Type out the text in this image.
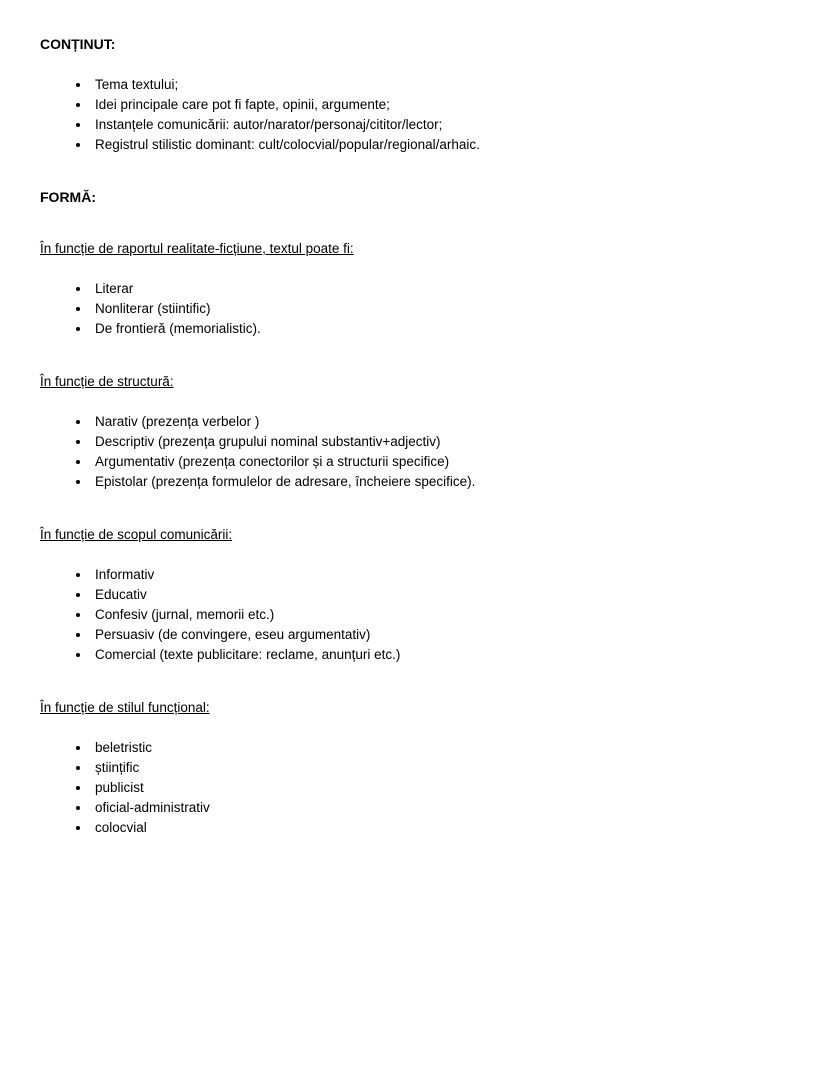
CONȚINUT:
• Tema textului;
• Idei principale care pot fi fapte, opinii, argumente;
• Instanțele comunicării: autor/narator/personaj/cititor/lector;
• Registrul stilistic dominant: cult/colocvial/popular/regional/arhaic.
FORMĂ:
În funcție de raportul realitate-ficțiune, textul poate fi:
• Literar
• Nonliterar (stiintific)
• De frontieră (memorialistic).
În funcție de structură:
• Narativ (prezența verbelor )
• Descriptiv (prezența grupului nominal substantiv+adjectiv)
• Argumentativ (prezența conectorilor și a structurii specifice)
• Epistolar (prezența formulelor de adresare, încheiere specifice).
În funcție de scopul comunicării:
• Informativ
• Educativ
• Confesiv (jurnal, memorii etc.)
• Persuasiv (de convingere, eseu argumentativ)
• Comercial (texte publicitare: reclame, anunțuri etc.)
În funcție de stilul funcțional:
• beletristic
• științific
• publicist
• oficial-administrativ
• colocvial
